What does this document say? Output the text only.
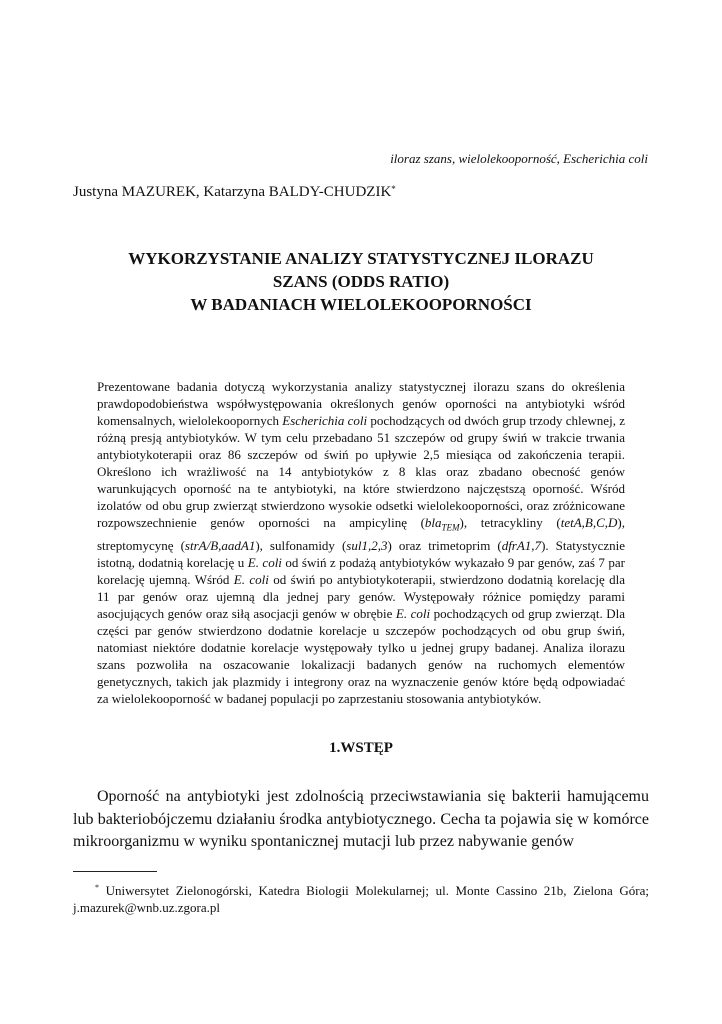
iloraz szans, wielolekooporność, Escherichia coli
Justyna MAZUREK, Katarzyna BALDY-CHUDZIK*
WYKORZYSTANIE ANALIZY STATYSTYCZNEJ ILORAZU
SZANS (ODDS RATIO)
W BADANIACH WIELOLEKOOPORNOŚCI

Prezentowane badania dotyczą wykorzystania analizy statystycznej ilorazu szans do określenia prawdopodobieństwa współwystępowania określonych genów oporności na antybiotyki wśród komensalnych, wielolekoopornych Escherichia coli pochodzących od dwóch grup trzody chlewnej, z różną presją antybiotyków. W tym celu przebadano 51 szczepów od grupy świń w trakcie trwania antybiotykoterapii oraz 86 szczepów od świń po upływie 2,5 miesiąca od zakończenia terapii. Określono ich wrażliwość na 14 antybiotyków z 8 klas oraz zbadano obecność genów warunkujących oporność na te antybiotyki, na które stwierdzono najczęstszą oporność. Wśród izolatów od obu grup zwierząt stwierdzono wysokie odsetki wielolekooporności, oraz zróżnicowane rozpowszechnienie genów oporności na ampicylinę (bla$_{TEM}$), tetracykliny (tetA,B,C,D), streptomycynę (strA/B,aadA1), sulfonamidy (sul1,2,3) oraz trimetoprim (dfrA1,7). Statystycznie istotną, dodatnią korelację u E. coli od świń z podażą antybiotyków wykazało 9 par genów, zaś 7 par korelację ujemną. Wśród E. coli od świń po antybiotykoterapii, stwierdzono dodatnią korelację dla 11 par genów oraz ujemną dla jednej pary genów. Występowały różnice pomiędzy parami asocjujących genów oraz siłą asocjacji genów w obrębie E. coli pochodzących od grup zwierząt. Dla części par genów stwierdzono dodatnie korelacje u szczepów pochodzących od obu grup świń, natomiast niektóre dodatnie korelacje występowały tylko u jednej grupy badanej. Analiza ilorazu szans pozwoliła na oszacowanie lokalizacji badanych genów na ruchomych elementów genetycznych, takich jak plazmidy i integrony oraz na wyznaczenie genów które będą odpowiadać za wielolekooporność w badanej populacji po zaprzestaniu stosowania antybiotyków.

1.WSTĘP

Oporność na antybiotyki jest zdolnością przeciwstawiania się bakterii hamującemu lub bakteriobójczemu działaniu środka antybiotycznego. Cecha ta pojawia się w komórce mikroorganizmu w wyniku spontanicznej mutacji lub przez nabywanie genów

* Uniwersytet Zielonogórski, Katedra Biologii Molekularnej; ul. Monte Cassino 21b, Zielona Góra; j.mazurek@wnb.uz.zgora.pl
